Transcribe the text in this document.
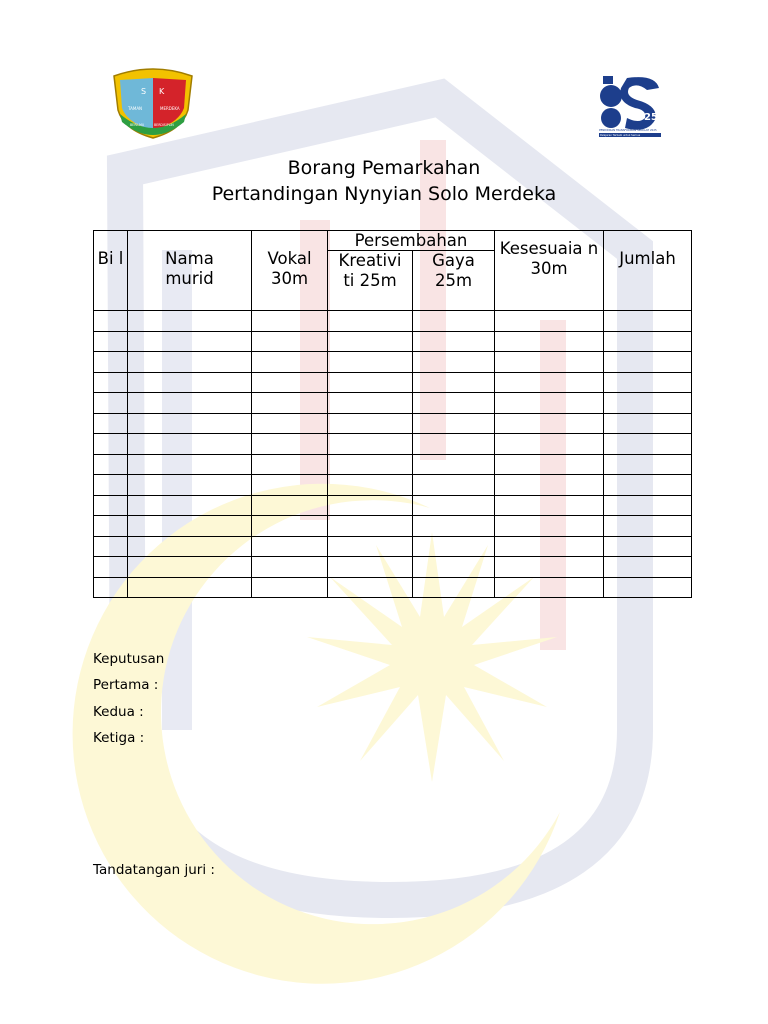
S K
TAMAN	MERDEKA
BERILMU	BERDISIPLIN
25
PENDIDIKAN TRANSFORMASI SEKOLAH 2025
Pelajaran Terbaik untuk Semua
Borang Pemarkahan
Pertandingan Nynyian Solo Merdeka
Bi l	Nama murid	Vokal 30m	Persembahan		Kesesuaia n 30m	Jumlah
			Kreativi ti 25m	Gaya 25m		

Keputusan
Pertama :
Kedua :
Ketiga :
Tandatangan juri :
